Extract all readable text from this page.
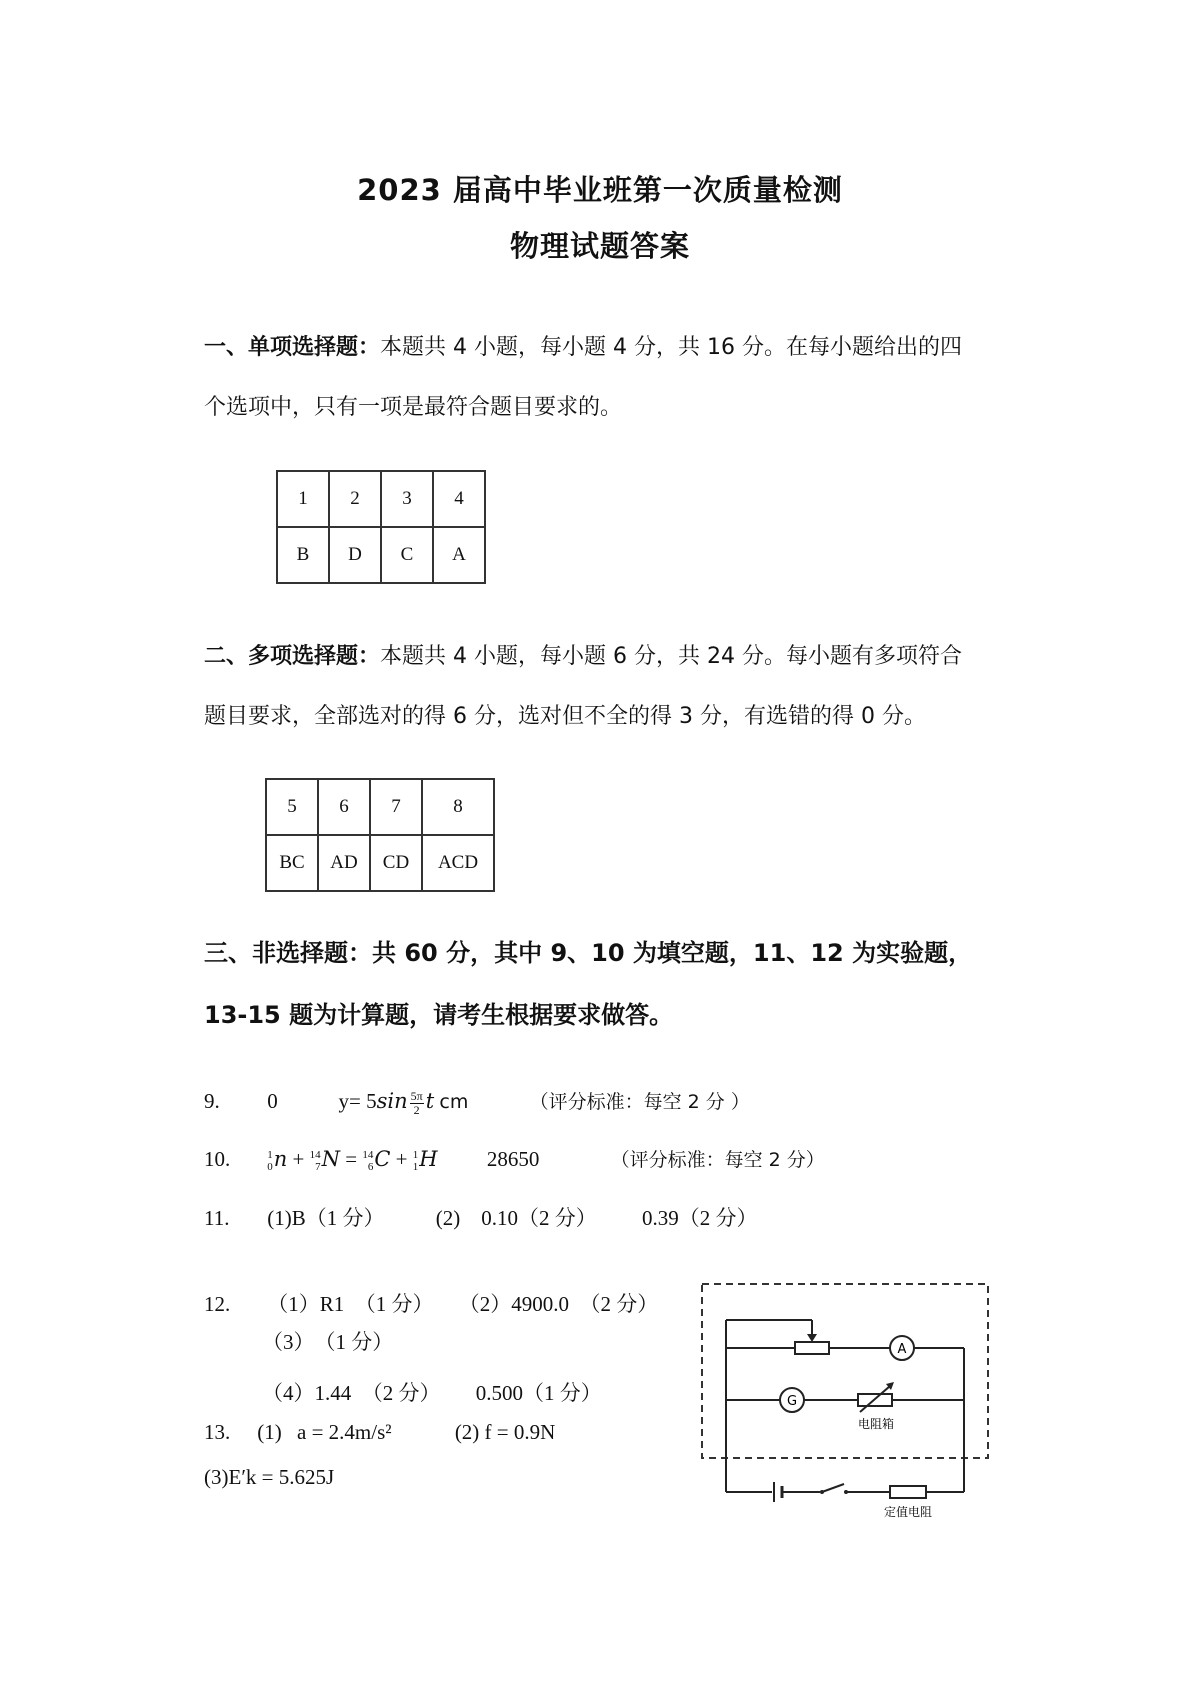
2023 届高中毕业班第一次质量检测
物理试题答案
一、单项选择题：本题共 4 小题，每小题 4 分，共 16 分。在每小题给出的四
个选项中，只有一项是最符合题目要求的。
1	2	3	4
B	D	C	A
二、多项选择题：本题共 4 小题，每小题 6 分，共 24 分。每小题有多项符合
题目要求，全部选对的得 6 分，选对但不全的得 3 分，有选错的得 0 分。
5	6	7	8
BC	AD	CD	ACD
三、非选择题：共 60 分，其中 9、10 为填空题，11、12 为实验题，
13-15 题为计算题，请考生根据要求做答。
9. 0	$y= 5\sin \frac{5\pi}{2}$ t cm	（评分标准：每空 2 分 ）
10.	1
0 n + 14
7 N = 14
6 C + 1
1 H 28650	（评分标准：每空 2 分）
11. (1)B（1 分） (2)　0.10（2 分） 0.39（2 分）
12. （1）R1　（1 分） （2）4900.0　（2 分）
（3）　（1 分）
（4）1.44　（2 分） 0.500（1 分）
13. (1) a = 2.4m/s²	(2) f = 0.9N
(3)E′k = 5.625J
A
G
电阻箱
定值电阻
